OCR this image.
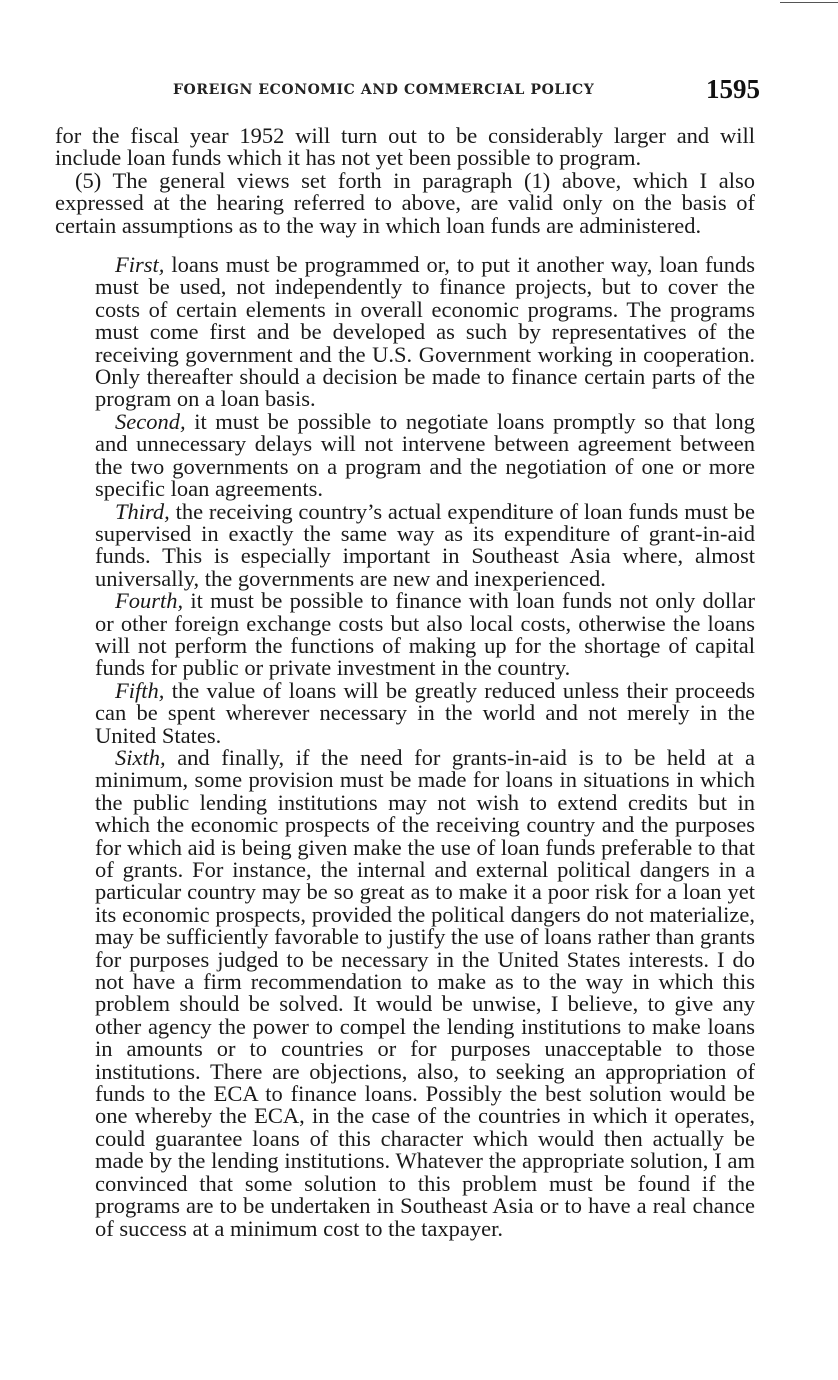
FOREIGN ECONOMIC AND COMMERCIAL POLICY	1595

for the fiscal year 1952 will turn out to be considerably larger and will include loan funds which it has not yet been possible to program.

(5) The general views set forth in paragraph (1) above, which I also expressed at the hearing referred to above, are valid only on the basis of certain assumptions as to the way in which loan funds are administered.

First, loans must be programmed or, to put it another way, loan funds must be used, not independently to finance projects, but to cover the costs of certain elements in overall economic programs. The programs must come first and be developed as such by representatives of the receiving government and the U.S. Government working in cooperation. Only thereafter should a decision be made to finance certain parts of the program on a loan basis.

Second, it must be possible to negotiate loans promptly so that long and unnecessary delays will not intervene between agreement between the two governments on a program and the negotiation of one or more specific loan agreements.

Third, the receiving country’s actual expenditure of loan funds must be supervised in exactly the same way as its expenditure of grant-in-aid funds. This is especially important in Southeast Asia where, almost universally, the governments are new and inexperienced.

Fourth, it must be possible to finance with loan funds not only dollar or other foreign exchange costs but also local costs, otherwise the loans will not perform the functions of making up for the shortage of capital funds for public or private investment in the country.

Fifth, the value of loans will be greatly reduced unless their proceeds can be spent wherever necessary in the world and not merely in the United States.

Sixth, and finally, if the need for grants-in-aid is to be held at a minimum, some provision must be made for loans in situations in which the public lending institutions may not wish to extend credits but in which the economic prospects of the receiving country and the purposes for which aid is being given make the use of loan funds preferable to that of grants. For instance, the internal and external political dangers in a particular country may be so great as to make it a poor risk for a loan yet its economic prospects, provided the political dangers do not materialize, may be sufficiently favorable to justify the use of loans rather than grants for purposes judged to be necessary in the United States interests. I do not have a firm recommendation to make as to the way in which this problem should be solved. It would be unwise, I believe, to give any other agency the power to compel the lending institutions to make loans in amounts or to countries or for purposes unacceptable to those institutions. There are objections, also, to seeking an appropriation of funds to the ECA to finance loans. Possibly the best solution would be one whereby the ECA, in the case of the countries in which it operates, could guarantee loans of this character which would then actually be made by the lending institutions. Whatever the appropriate solution, I am convinced that some solution to this problem must be found if the programs are to be undertaken in Southeast Asia or to have a real chance of success at a minimum cost to the taxpayer.
